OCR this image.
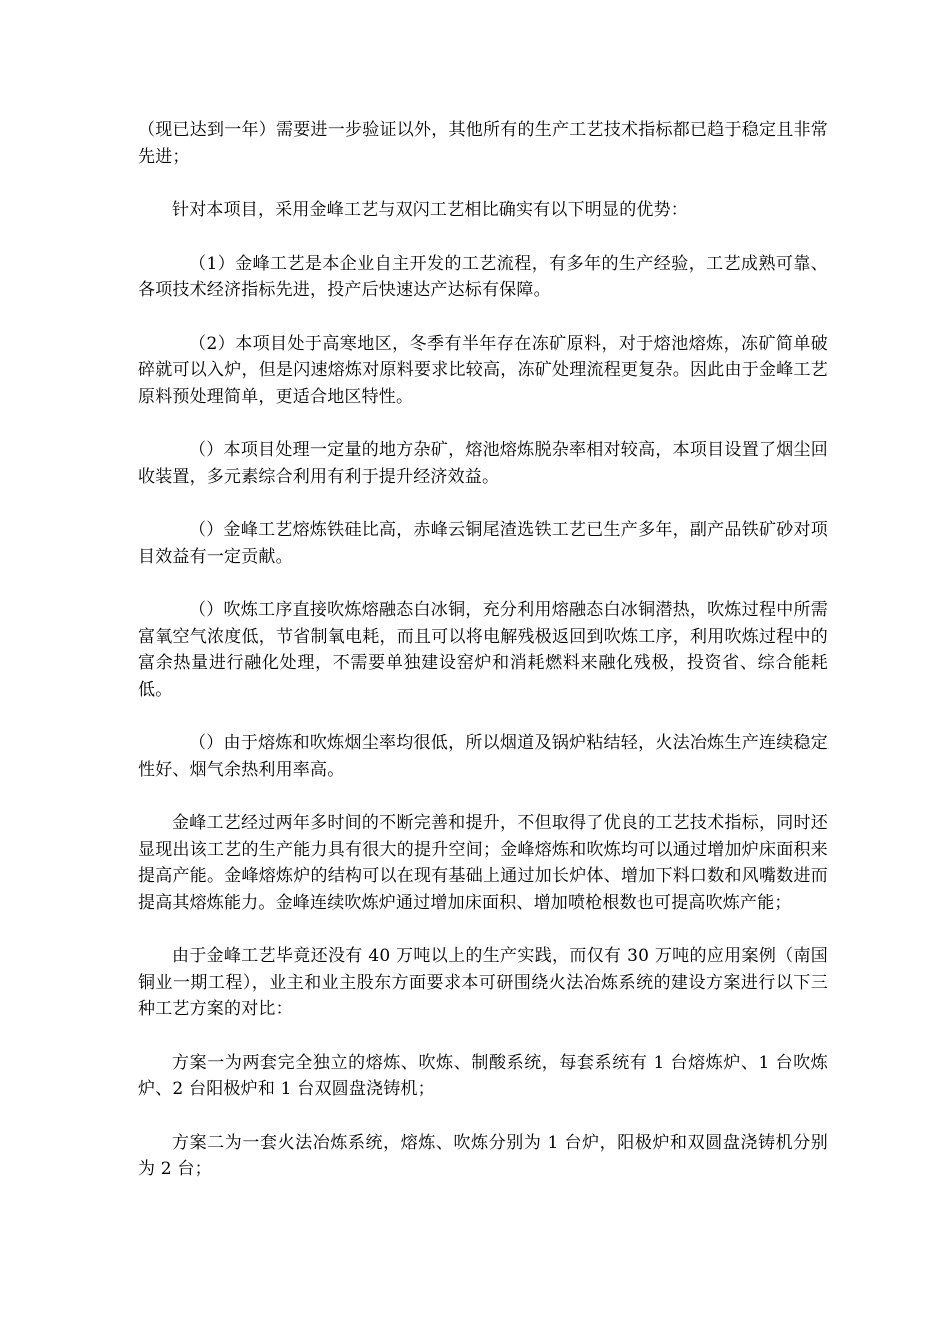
（现已达到一年）需要进一步验证以外，其他所有的生产工艺技术指标都已趋于稳定且非常先进；

针对本项目，采用金峰工艺与双闪工艺相比确实有以下明显的优势：

（1）金峰工艺是本企业自主开发的工艺流程，有多年的生产经验，工艺成熟可靠、各项技术经济指标先进，投产后快速达产达标有保障。

（2）本项目处于高寒地区，冬季有半年存在冻矿原料，对于熔池熔炼，冻矿简单破碎就可以入炉，但是闪速熔炼对原料要求比较高，冻矿处理流程更复杂。因此由于金峰工艺原料预处理简单，更适合地区特性。

（）本项目处理一定量的地方杂矿，熔池熔炼脱杂率相对较高，本项目设置了烟尘回收装置，多元素综合利用有利于提升经济效益。

（）金峰工艺熔炼铁硅比高，赤峰云铜尾渣选铁工艺已生产多年，副产品铁矿砂对项目效益有一定贡献。

（）吹炼工序直接吹炼熔融态白冰铜，充分利用熔融态白冰铜潜热，吹炼过程中所需富氧空气浓度低，节省制氧电耗，而且可以将电解残极返回到吹炼工序，利用吹炼过程中的富余热量进行融化处理，不需要单独建设窑炉和消耗燃料来融化残极，投资省、综合能耗低。

（）由于熔炼和吹炼烟尘率均很低，所以烟道及锅炉粘结轻，火法冶炼生产连续稳定性好、烟气余热利用率高。

金峰工艺经过两年多时间的不断完善和提升，不但取得了优良的工艺技术指标，同时还显现出该工艺的生产能力具有很大的提升空间；金峰熔炼和吹炼均可以通过增加炉床面积来提高产能。金峰熔炼炉的结构可以在现有基础上通过加长炉体、增加下料口数和风嘴数进而提高其熔炼能力。金峰连续吹炼炉通过增加床面积、增加喷枪根数也可提高吹炼产能；

由于金峰工艺毕竟还没有 40 万吨以上的生产实践，而仅有 30 万吨的应用案例（南国铜业一期工程），业主和业主股东方面要求本可研围绕火法冶炼系统的建设方案进行以下三种工艺方案的对比：

方案一为两套完全独立的熔炼、吹炼、制酸系统，每套系统有 1 台熔炼炉、1 台吹炼炉、2 台阳极炉和 1 台双圆盘浇铸机；

方案二为一套火法冶炼系统，熔炼、吹炼分别为 1 台炉，阳极炉和双圆盘浇铸机分别为 2 台；
